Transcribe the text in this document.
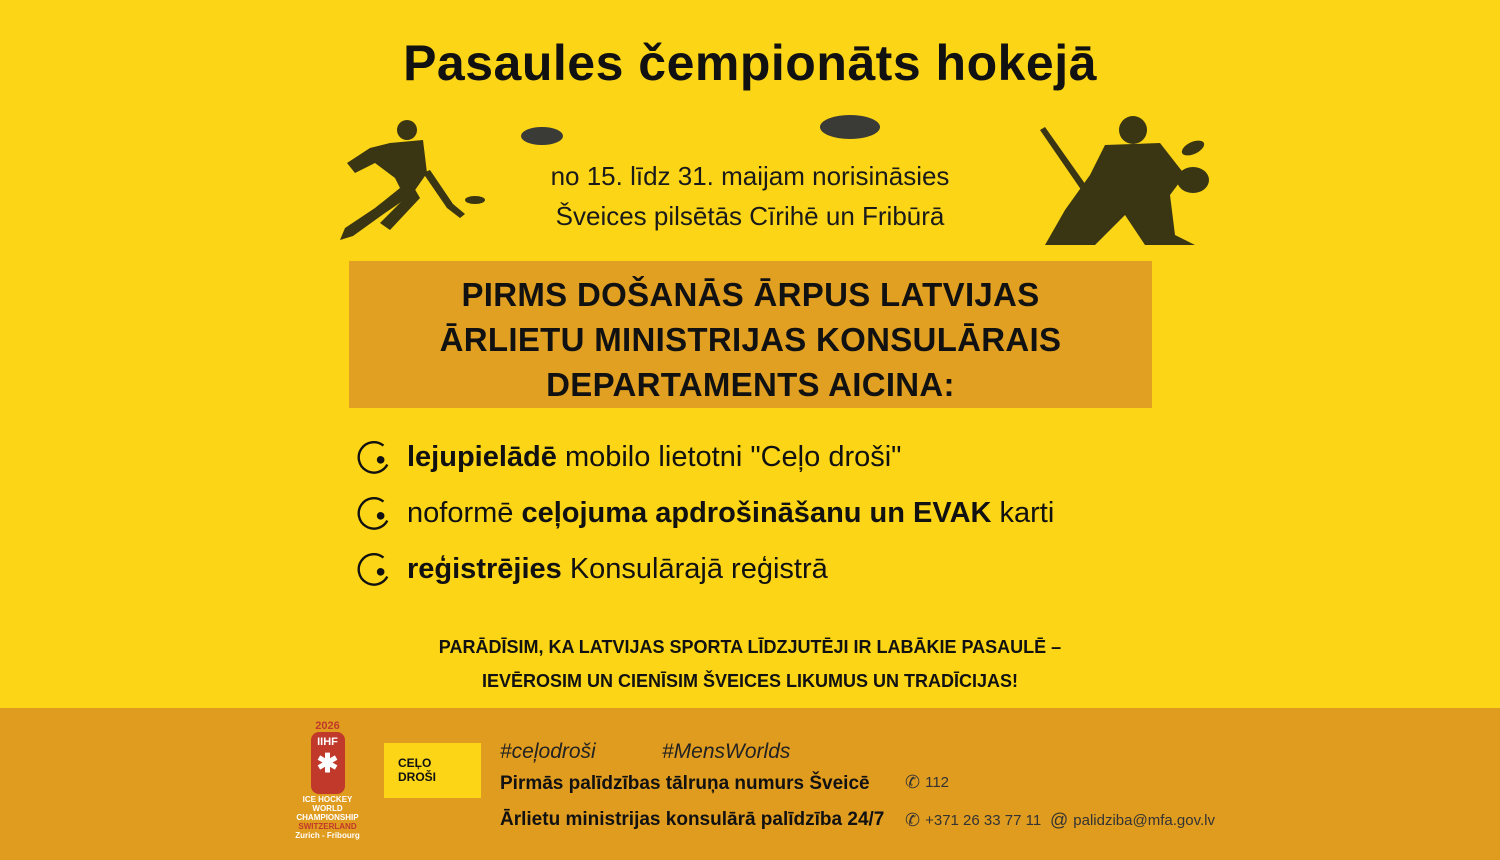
Pasaules čempionāts hokejā
no 15. līdz 31. maijam norisināsies
Šveices pilsētās Cīrihē un Fribūrā
PIRMS DOŠANĀS ĀRPUS LATVIJAS
ĀRLIETU MINISTRIJAS KONSULĀRAIS
DEPARTAMENTS AICINA:
lejupielādē mobilo lietotni "Ceļo droši"
noformē ceļojuma apdrošināšanu un EVAK karti
reģistrējies Konsulārajā reģistrā
PARĀDĪSIM, KA LATVIJAS SPORTA LĪDZJUTĒJI IR LABĀKIE PASAULĒ –
IEVĒROSIM UN CIENĪSIM ŠVEICES LIKUMUS UN TRADĪCIJAS!
2026
IIHF
✱
ICE HOCKEY
WORLD
CHAMPIONSHIP
SWITZERLAND
Zurich - Fribourg
CEĻO
DROŠI
#ceļodroši	#MensWorlds
Pirmās palīdzības tālruņa numurs Šveicē
Ārlietu ministrijas konsulārā palīdzība 24/7
✆ 112
✆ +371 26 33 77 11 @ palidziba@mfa.gov.lv
